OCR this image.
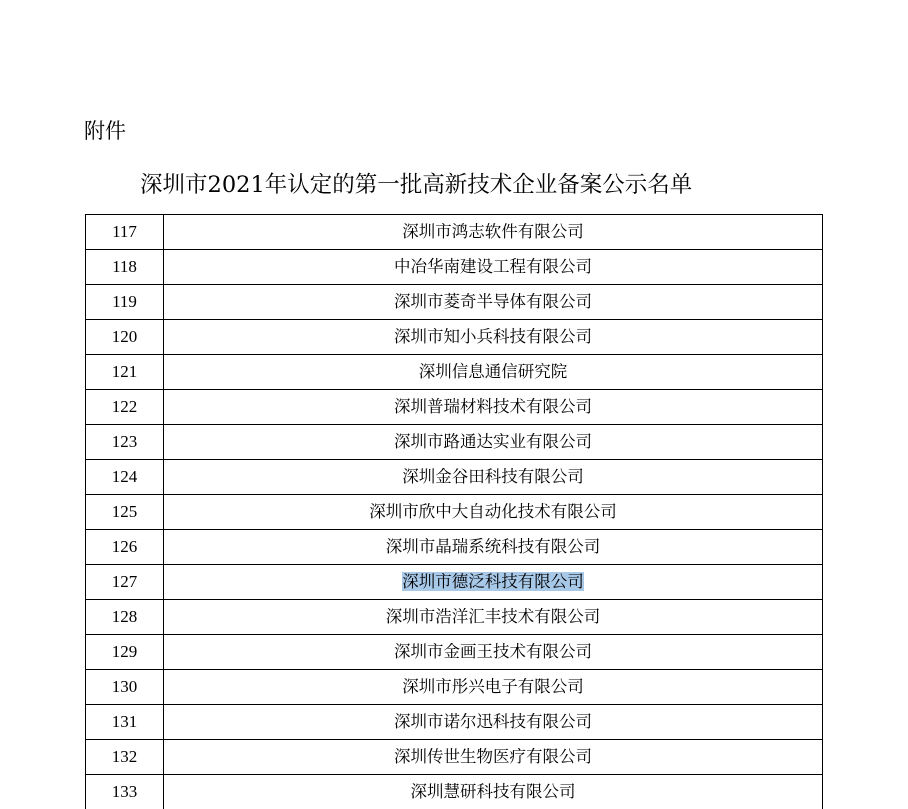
附件
深圳市2021年认定的第一批高新技术企业备案公示名单
117	深圳市鸿志软件有限公司
118	中冶华南建设工程有限公司
119	深圳市菱奇半导体有限公司
120	深圳市知小兵科技有限公司
121	深圳信息通信研究院
122	深圳普瑞材料技术有限公司
123	深圳市路通达实业有限公司
124	深圳金谷田科技有限公司
125	深圳市欣中大自动化技术有限公司
126	深圳市晶瑞系统科技有限公司
127	深圳市德泛科技有限公司
128	深圳市浩洋汇丰技术有限公司
129	深圳市金画王技术有限公司
130	深圳市彤兴电子有限公司
131	深圳市诺尔迅科技有限公司
132	深圳传世生物医疗有限公司
133	深圳慧研科技有限公司
